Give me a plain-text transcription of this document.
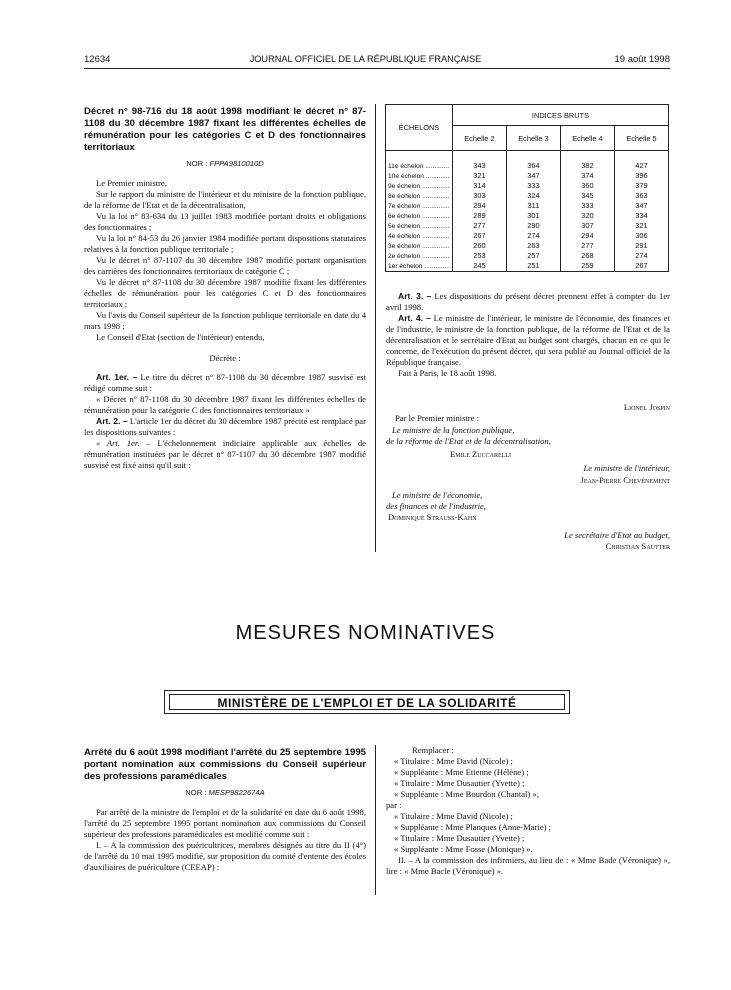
12634	JOURNAL OFFICIEL DE LA RÉPUBLIQUE FRANÇAISE	19 août 1998
Décret n° 98-716 du 18 août 1998 modifiant le décret n° 87-1108 du 30 décembre 1987 fixant les différentes échelles de rémunération pour les catégories C et D des fonctionnaires territoriaux
NOR : FPPA9810010D

Le Premier ministre,

Sur le rapport du ministre de l'intérieur et du ministre de la fonction publique, de la réforme de l'Etat et de la décentralisation,

Vu la loi n° 83-634 du 13 juillet 1983 modifiée portant droits et obligations des fonctionnaires ;

Vu la loi n° 84-53 du 26 janvier 1984 modifiée portant dispositions statutaires relatives à la fonction publique territoriale ;

Vu le décret n° 87-1107 du 30 décembre 1987 modifié portant organisation des carrières des fonctionnaires territoriaux de catégorie C ;

Vu le décret n° 87-1108 du 30 décembre 1987 modifié fixant les différentes échelles de rémunération pour les catégories C et D des fonctionnaires territoriaux ;

Vu l'avis du Conseil supérieur de la fonction publique territoriale en date du 4 mars 1998 ;

Le Conseil d'Etat (section de l'intérieur) entendu,

Décrète :

Art. 1er. – Le titre du décret n° 87-1108 du 30 décembre 1987 susvisé est rédigé comme suit :

« Décret n° 87-1108 du 30 décembre 1987 fixant les différentes échelles de rémunération pour la catégorie C des fonctionnaires territoriaux »

Art. 2. – L'article 1er du décret du 30 décembre 1987 précité est remplacé par les dispositions suivantes :

« Art. 1er. – L'échelonnement indiciaire applicable aux échelles de rémunération instituées par le décret n° 87-1107 du 30 décembre 1987 modifié susvisé est fixé ainsi qu'il suit :

ÉCHELONS	INDICES BRUTS			
	Echelle 2	Echelle 3	Echelle 4	Echelle 5
11e échelon .............	343	364	382	427
10e échelon .............	321	347	374	396
9e échelon ...............	314	333	360	379
8e échelon ...............	303	324	345	363
7e échelon ...............	294	311	333	347
6e échelon ...............	289	301	320	334
5e échelon ...............	277	290	307	321
4e échelon ...............	267	274	294	306
3e échelon ...............	260	263	277	291
2e échelon ...............	253	257	268	274
1er échelon ..............	245	251	259	267

Art. 3. – Les dispositions du présent décret prennent effet à compter du 1er avril 1998.

Art. 4. – Le ministre de l'intérieur, le ministre de l'économie, des finances et de l'industrie, le ministre de la fonction publique, de la réforme de l'Etat et de la décentralisation et le secrétaire d'Etat au budget sont chargés, chacun en ce qui le concerne, de l'exécution du présent décret, qui sera publié au Journal officiel de la République française.

Fait à Paris, le 18 août 1998.

Lionel Jospin
Par le Premier ministre :
Le ministre de la fonction publique,
de la réforme de l'Etat et de la décentralisation,
Emile Zuccarelli
Le ministre de l'intérieur,
Jean-Pierre Chevènement
Le ministre de l'économie,
des finances et de l'industrie,
Dominique Strauss-Kahn
Le secrétaire d'Etat au budget,
Christian Sautter
MESURES NOMINATIVES
MINISTÈRE DE L'EMPLOI ET DE LA SOLIDARITÉ
Arrêté du 6 août 1998 modifiant l'arrêté du 25 septembre 1995 portant nomination aux commissions du Conseil supérieur des professions paramédicales
NOR : MESP9822674A

Par arrêté de la ministre de l'emploi et de la solidarité en date du 6 août 1998, l'arrêté du 25 septembre 1995 portant nomination aux commissions du Conseil supérieur des professions paramédicales est modifié comme suit :

I. – A la commission des puéricultrices, membres désignés au titre du II (4°) de l'arrêté du 10 mai 1995 modifié, sur proposition du comité d'entente des écoles d'auxiliaires de puériculture (CEEAP) :

Remplacer :

« Titulaire : Mme David (Nicole) ;

« Suppléante : Mme Etienne (Hélène) ;

« Titulaire : Mme Dusautier (Yvette) ;

« Suppléante : Mme Bourdon (Chantal) »,

par :

« Titulaire : Mme David (Nicole) ;

« Suppléante : Mme Planques (Anne-Marie) ;

« Titulaire : Mme Dusautier (Yvette) ;

« Suppléante : Mme Fosse (Monique) ».

II. – A la commission des infirmiers, au lieu de : « Mme Bade (Véronique) », lire : « Mme Bacle (Véronique) ».
